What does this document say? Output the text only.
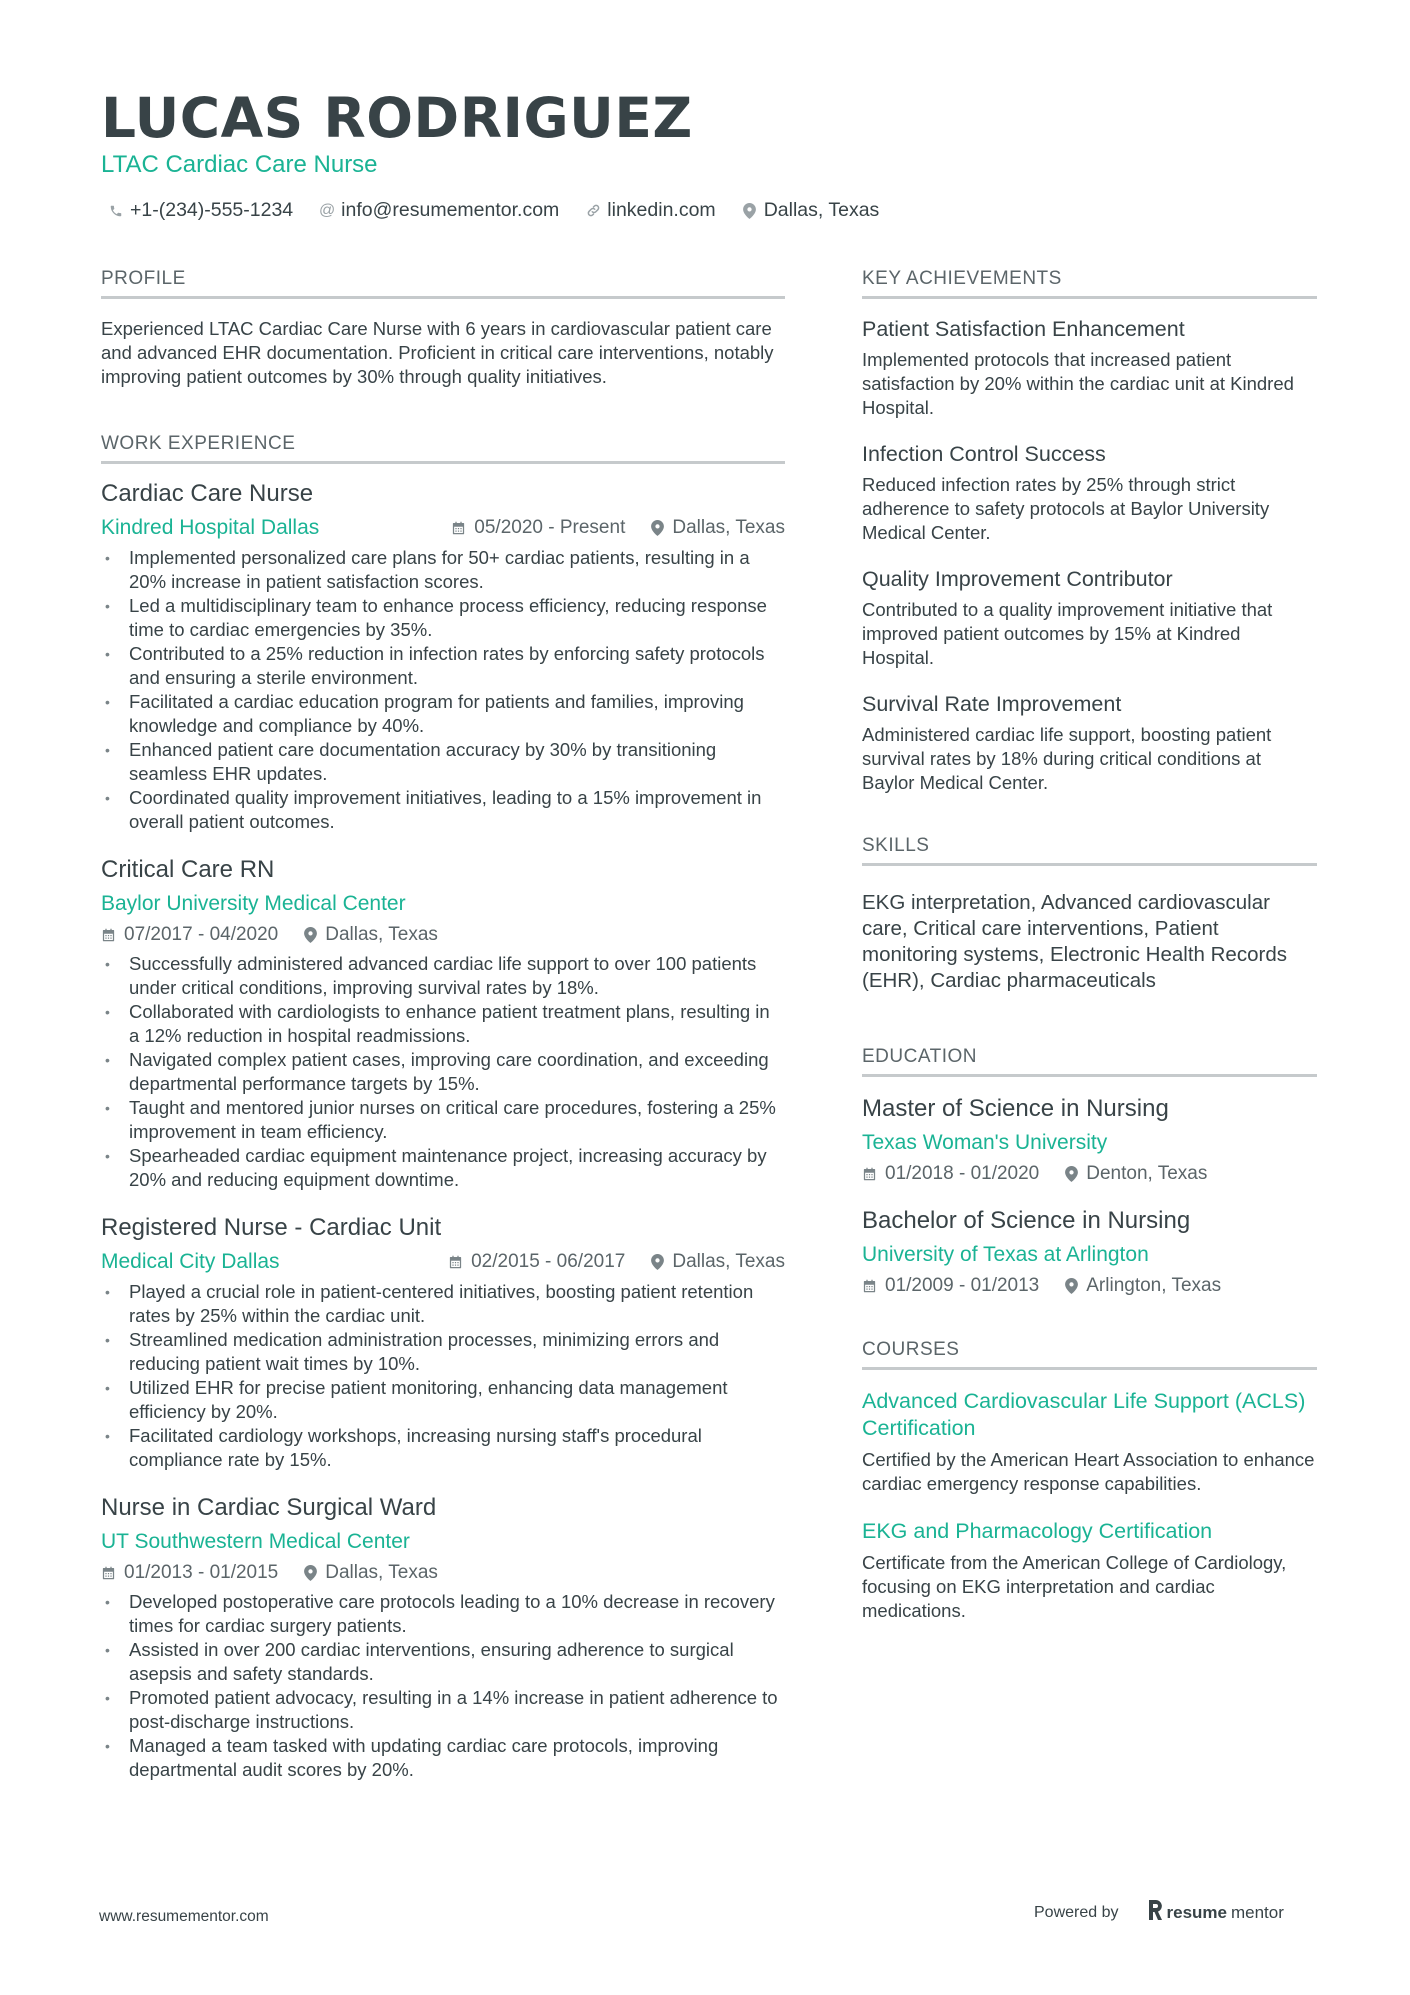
LUCAS RODRIGUEZ
LTAC Cardiac Care Nurse
+1-(234)-555-1234 @ info@resumementor.com linkedin.com Dallas, Texas
PROFILE
Experienced LTAC Cardiac Care Nurse with 6 years in cardiovascular patient care and advanced EHR documentation. Proficient in critical care interventions, notably improving patient outcomes by 30% through quality initiatives.
WORK EXPERIENCE
Cardiac Care Nurse
Kindred Hospital Dallas	05/2020 - Present Dallas, Texas
• Implemented personalized care plans for 50+ cardiac patients, resulting in a 20% increase in patient satisfaction scores.
• Led a multidisciplinary team to enhance process efficiency, reducing response time to cardiac emergencies by 35%.
• Contributed to a 25% reduction in infection rates by enforcing safety protocols and ensuring a sterile environment.
• Facilitated a cardiac education program for patients and families, improving knowledge and compliance by 40%.
• Enhanced patient care documentation accuracy by 30% by transitioning seamless EHR updates.
• Coordinated quality improvement initiatives, leading to a 15% improvement in overall patient outcomes.
Critical Care RN
Baylor University Medical Center
07/2017 - 04/2020 Dallas, Texas
• Successfully administered advanced cardiac life support to over 100 patients under critical conditions, improving survival rates by 18%.
• Collaborated with cardiologists to enhance patient treatment plans, resulting in a 12% reduction in hospital readmissions.
• Navigated complex patient cases, improving care coordination, and exceeding departmental performance targets by 15%.
• Taught and mentored junior nurses on critical care procedures, fostering a 25% improvement in team efficiency.
• Spearheaded cardiac equipment maintenance project, increasing accuracy by 20% and reducing equipment downtime.
Registered Nurse - Cardiac Unit
Medical City Dallas	02/2015 - 06/2017 Dallas, Texas
• Played a crucial role in patient-centered initiatives, boosting patient retention rates by 25% within the cardiac unit.
• Streamlined medication administration processes, minimizing errors and reducing patient wait times by 10%.
• Utilized EHR for precise patient monitoring, enhancing data management efficiency by 20%.
• Facilitated cardiology workshops, increasing nursing staff's procedural compliance rate by 15%.
Nurse in Cardiac Surgical Ward
UT Southwestern Medical Center
01/2013 - 01/2015 Dallas, Texas
• Developed postoperative care protocols leading to a 10% decrease in recovery times for cardiac surgery patients.
• Assisted in over 200 cardiac interventions, ensuring adherence to surgical asepsis and safety standards.
• Promoted patient advocacy, resulting in a 14% increase in patient adherence to post-discharge instructions.
• Managed a team tasked with updating cardiac care protocols, improving departmental audit scores by 20%.
KEY ACHIEVEMENTS
Patient Satisfaction Enhancement
Implemented protocols that increased patient satisfaction by 20% within the cardiac unit at Kindred Hospital.
Infection Control Success
Reduced infection rates by 25% through strict adherence to safety protocols at Baylor University Medical Center.
Quality Improvement Contributor
Contributed to a quality improvement initiative that improved patient outcomes by 15% at Kindred Hospital.
Survival Rate Improvement
Administered cardiac life support, boosting patient survival rates by 18% during critical conditions at Baylor Medical Center.
SKILLS
EKG interpretation, Advanced cardiovascular care, Critical care interventions, Patient monitoring systems, Electronic Health Records (EHR), Cardiac pharmaceuticals
EDUCATION
Master of Science in Nursing
Texas Woman's University
01/2018 - 01/2020 Denton, Texas
Bachelor of Science in Nursing
University of Texas at Arlington
01/2009 - 01/2013 Arlington, Texas
COURSES
Advanced Cardiovascular Life Support (ACLS) Certification
Certified by the American Heart Association to enhance cardiac emergency response capabilities.
EKG and Pharmacology Certification
Certificate from the American College of Cardiology, focusing on EKG interpretation and cardiac medications.
www.resumementor.com	Powered by	resume mentor
